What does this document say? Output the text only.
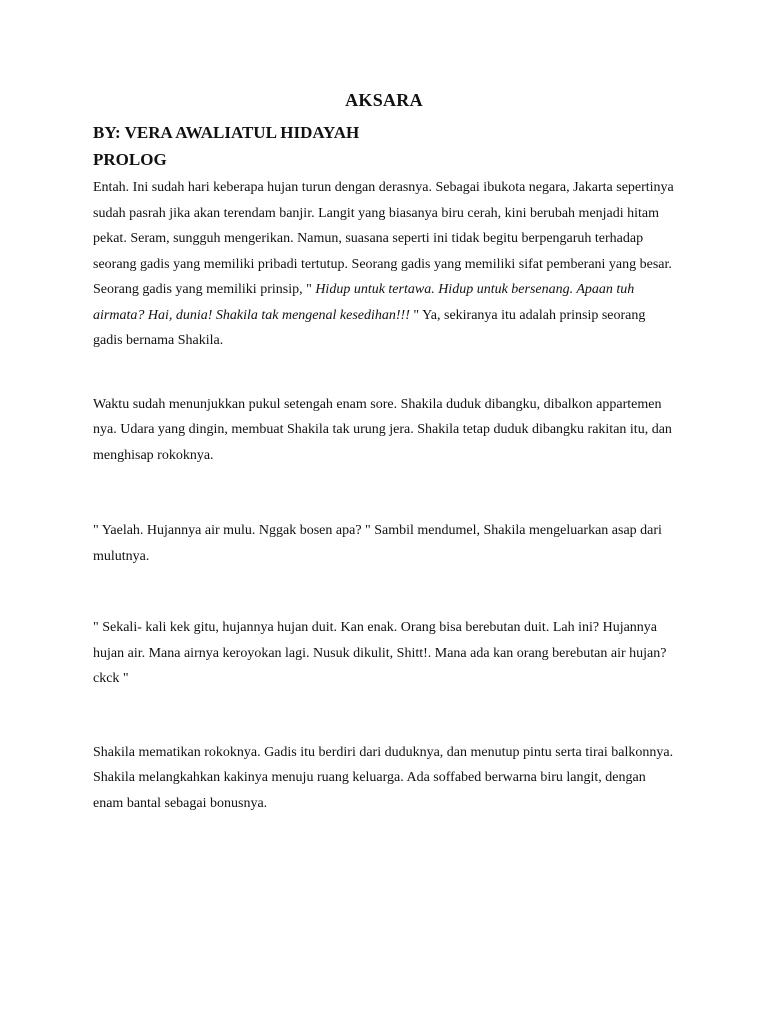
AKSARA
BY: VERA AWALIATUL HIDAYAH
PROLOG

Entah. Ini sudah hari keberapa hujan turun dengan derasnya. Sebagai ibukota negara, Jakarta sepertinya sudah pasrah jika akan terendam banjir. Langit yang biasanya biru cerah, kini berubah menjadi hitam pekat. Seram, sungguh mengerikan. Namun, suasana seperti ini tidak begitu berpengaruh terhadap seorang gadis yang memiliki pribadi tertutup. Seorang gadis yang memiliki sifat pemberani yang besar. Seorang gadis yang memiliki prinsip, " Hidup untuk tertawa. Hidup untuk bersenang. Apaan tuh airmata? Hai, dunia! Shakila tak mengenal kesedihan!!! " Ya, sekiranya itu adalah prinsip seorang gadis bernama Shakila.

Waktu sudah menunjukkan pukul setengah enam sore. Shakila duduk dibangku, dibalkon appartemen nya. Udara yang dingin, membuat Shakila tak urung jera. Shakila tetap duduk dibangku rakitan itu, dan menghisap rokoknya.

" Yaelah. Hujannya air mulu. Nggak bosen apa? " Sambil mendumel, Shakila mengeluarkan asap dari mulutnya.

" Sekali- kali kek gitu, hujannya hujan duit. Kan enak. Orang bisa berebutan duit. Lah ini? Hujannya hujan air. Mana airnya keroyokan lagi. Nusuk dikulit, Shitt!. Mana ada kan orang berebutan air hujan?ckck "

Shakila mematikan rokoknya. Gadis itu berdiri dari duduknya, dan menutup pintu serta tirai balkonnya. Shakila melangkahkan kakinya menuju ruang keluarga. Ada soffabed berwarna biru langit, dengan enam bantal sebagai bonusnya.
